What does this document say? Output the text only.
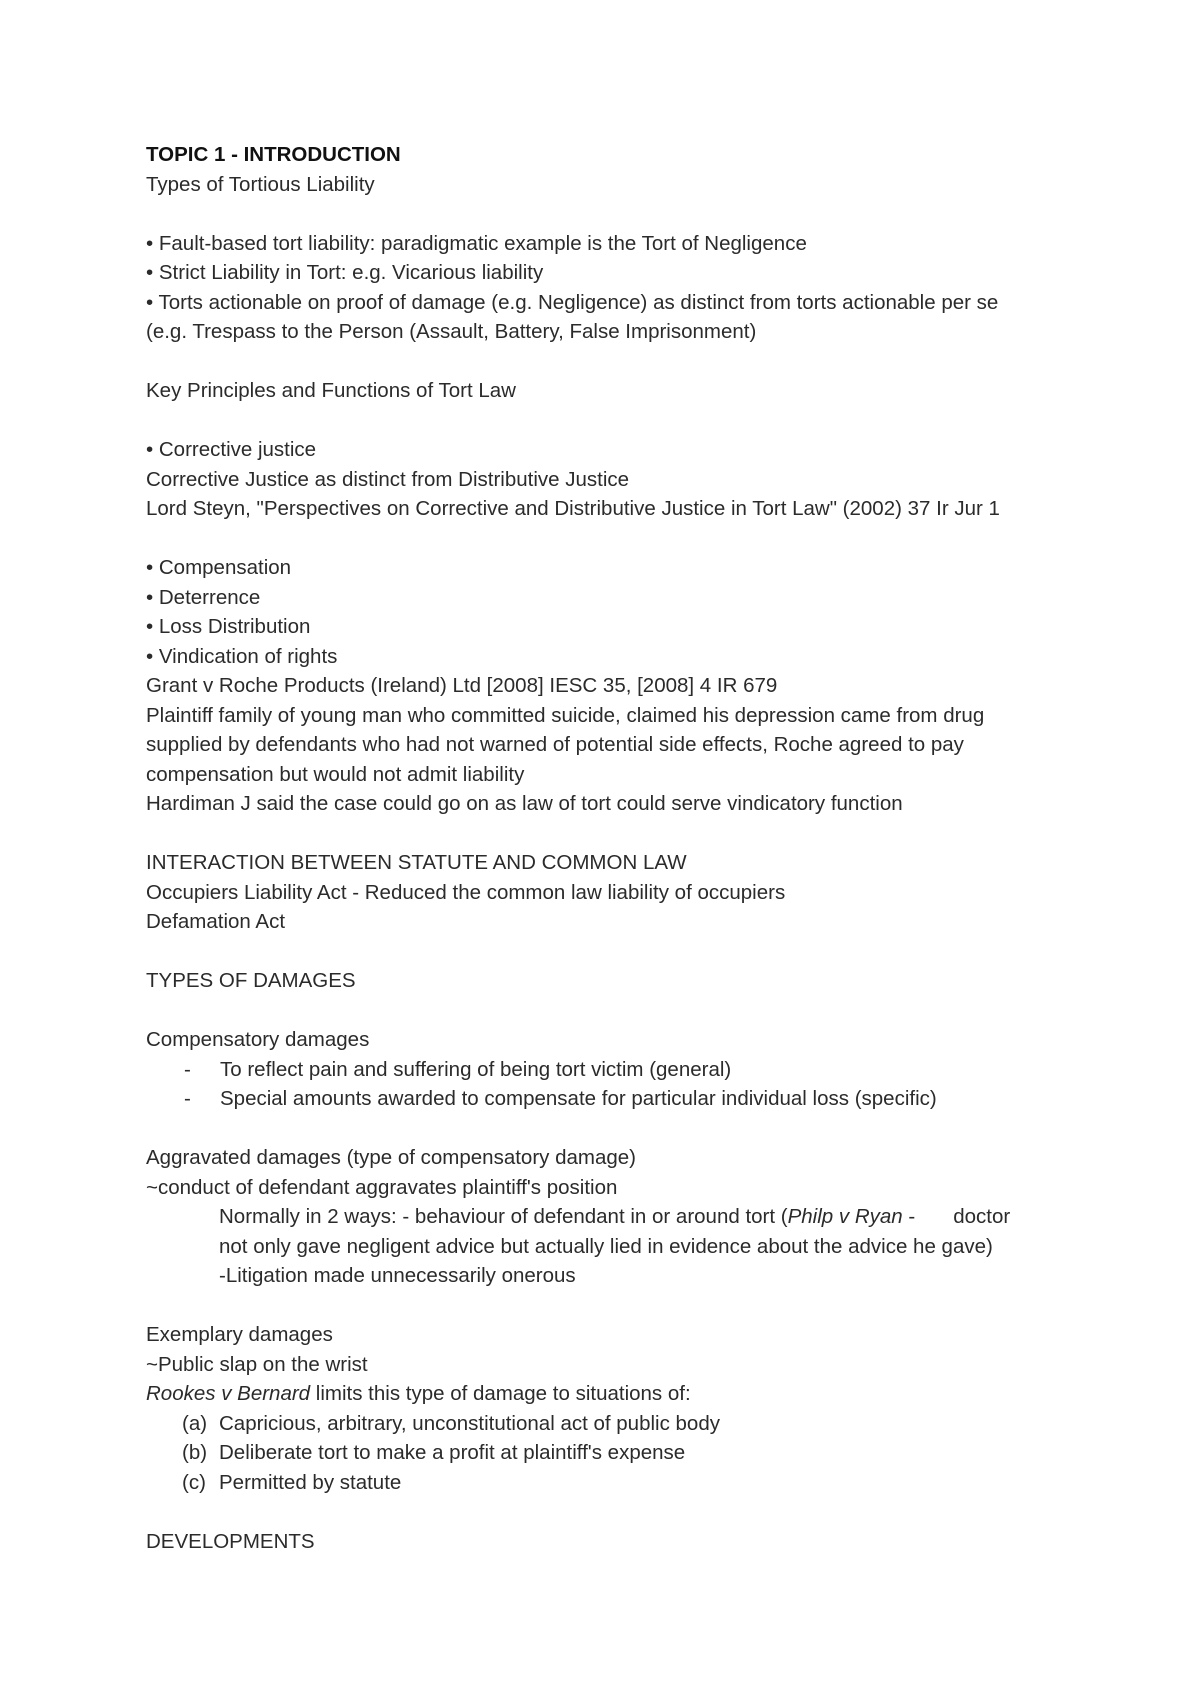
TOPIC 1 - INTRODUCTION
Types of Tortious Liability
• Fault-based tort liability: paradigmatic example is the Tort of Negligence
• Strict Liability in Tort: e.g. Vicarious liability
• Torts actionable on proof of damage (e.g. Negligence) as distinct from torts actionable per se
(e.g. Trespass to the Person (Assault, Battery, False Imprisonment)
Key Principles and Functions of Tort Law
• Corrective justice
Corrective Justice as distinct from Distributive Justice
Lord Steyn, "Perspectives on Corrective and Distributive Justice in Tort Law" (2002) 37 Ir Jur 1
• Compensation
• Deterrence
• Loss Distribution
• Vindication of rights
Grant v Roche Products (Ireland) Ltd [2008] IESC 35, [2008] 4 IR 679
Plaintiff family of young man who committed suicide, claimed his depression came from drug
supplied by defendants who had not warned of potential side effects, Roche agreed to pay
compensation but would not admit liability
Hardiman J said the case could go on as law of tort could serve vindicatory function
INTERACTION BETWEEN STATUTE AND COMMON LAW
Occupiers Liability Act - Reduced the common law liability of occupiers
Defamation Act
TYPES OF DAMAGES
Compensatory damages
- To reflect pain and suffering of being tort victim (general)
- Special amounts awarded to compensate for particular individual loss (specific)
Aggravated damages (type of compensatory damage)
~conduct of defendant aggravates plaintiff's position
Normally in 2 ways: - behaviour of defendant in or around tort (Philp v Ryan - doctor
not only gave negligent advice but actually lied in evidence about the advice he gave)
-Litigation made unnecessarily onerous
Exemplary damages
~Public slap on the wrist
Rookes v Bernard limits this type of damage to situations of:
(a) Capricious, arbitrary, unconstitutional act of public body
(b) Deliberate tort to make a profit at plaintiff's expense
(c) Permitted by statute
DEVELOPMENTS
